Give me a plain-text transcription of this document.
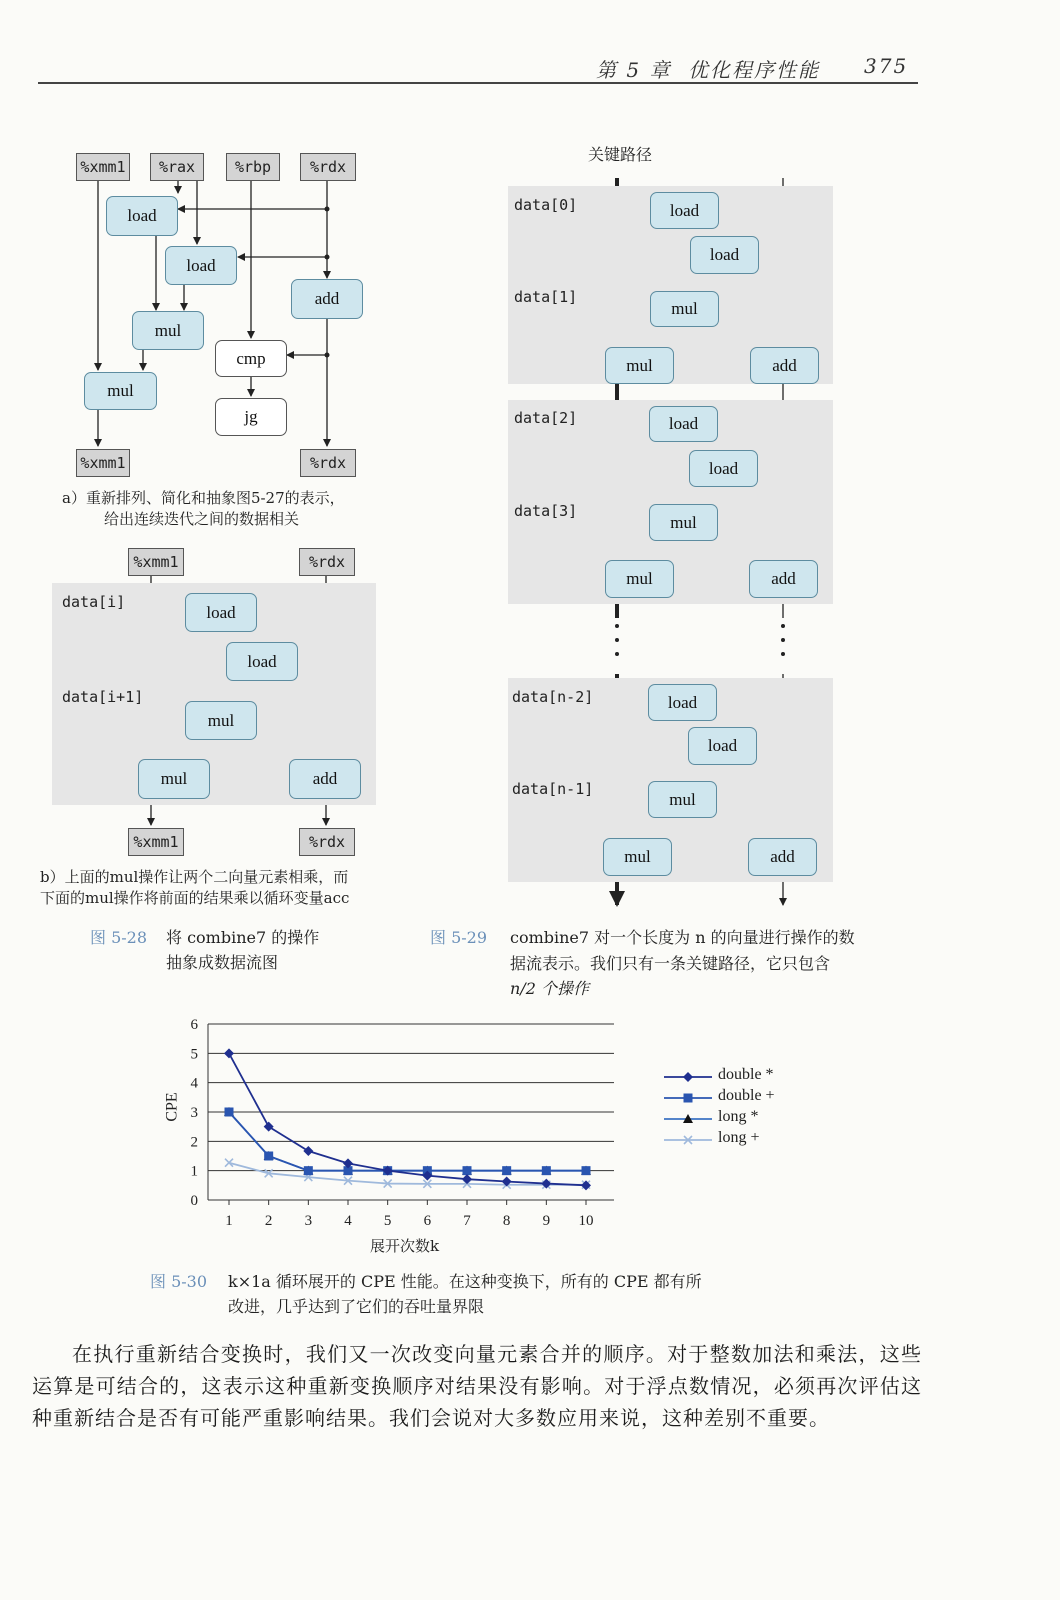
第 5 章 优化程序性能 375
%xmm1	%rax	%rbp	%rdx
load
load
add
mul
cmp
mul
jg
%xmm1	%rdx
a）重新排列、简化和抽象图5-27的表示，
给出连续迭代之间的数据相关
%xmm1	%rdx
data[i]
data[i+1]
load
load
mul
mul	add
%xmm1	%rdx
b）上面的mul操作让两个二向量元素相乘，而
下面的mul操作将前面的结果乘以循环变量acc
图 5-28 将 combine7 的操作
抽象成数据流图
关键路径
data[0]
data[1]
data[2]
data[3]
data[n-2]
data[n-1]
load
load
mul
mul	add
load
load
mul
mul	add
load
load
mul
mul	add
图 5-29 combine7 对一个长度为 n 的向量进行操作的数
据流表示。我们只有一条关键路径，它只包含
n/2 个操作
0
1
2
3
4
5
6
1 2 3 4 5 6 7 8 9 10
CPE
展开次数k
double *
double +
long *
long +
图 5-30 k×1a 循环展开的 CPE 性能。在这种变换下，所有的 CPE 都有所
改进，几乎达到了它们的吞吐量界限
在执行重新结合变换时，我们又一次改变向量元素合并的顺序。对于整数加法和乘法，这些运算是可结合的，这表示这种重新变换顺序对结果没有影响。对于浮点数情况，必须再次评估这种重新结合是否有可能严重影响结果。我们会说对大多数应用来说，这种差别不重要。
